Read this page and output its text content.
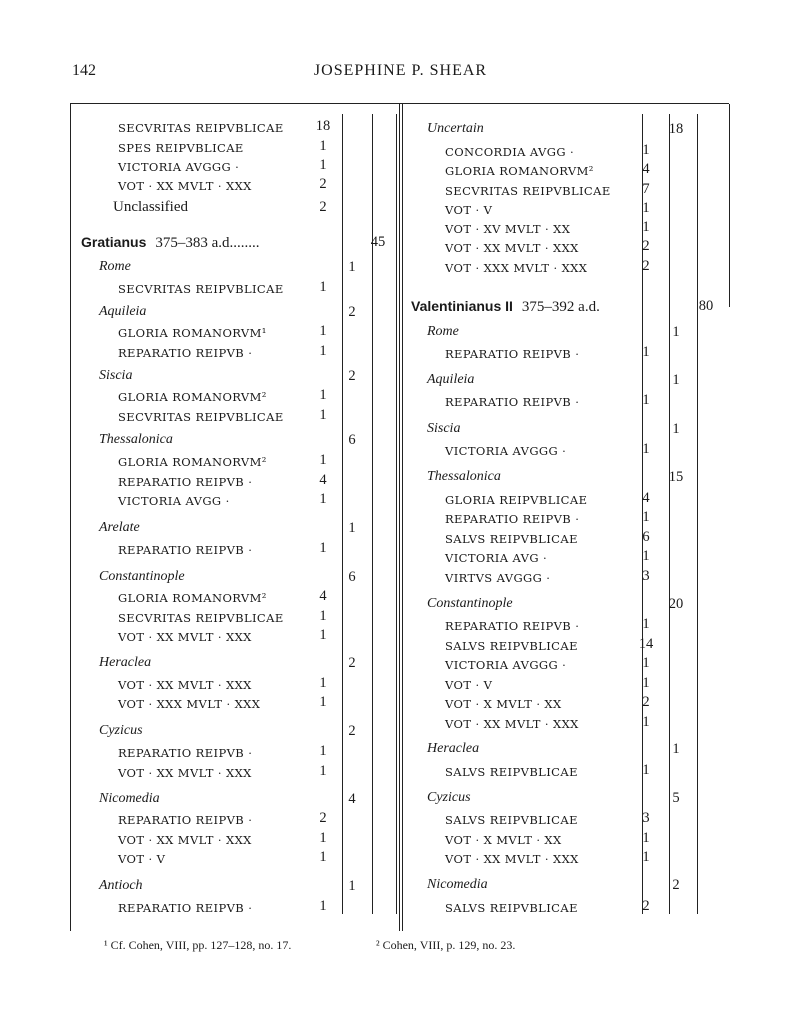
142	JOSEPHINE P. SHEAR
SECVRITAS REIPVBLICAE 18
SPES REIPVBLICAE	1
VICTORIA AVGGG ·	1
VOT · XX MVLT · XXX	2
Unclassified	2
Gratianus 375–383 a.d........	45
Rome	1
SECVRITAS REIPVBLICAE	1
Aquileia	2
GLORIA ROMANORVM¹	1
REPARATIO REIPVB ·	1
Siscia	2
GLORIA ROMANORVM²	1
SECVRITAS REIPVBLICAE	1
Thessalonica	6
GLORIA ROMANORVM²	1
REPARATIO REIPVB ·	4
VICTORIA AVGG ·	1
Arelate	1
REPARATIO REIPVB ·	1
Constantinople	6
GLORIA ROMANORVM²	4
SECVRITAS REIPVBLICAE	1
VOT · XX MVLT · XXX	1
Heraclea	2
VOT · XX MVLT · XXX	1
VOT · XXX MVLT · XXX	1
Cyzicus	2
REPARATIO REIPVB ·	1
VOT · XX MVLT · XXX	1
Nicomedia	4
REPARATIO REIPVB ·	2
VOT · XX MVLT · XXX	1
VOT · V	1
Antioch	1
REPARATIO REIPVB ·	1
Uncertain	18
CONCORDIA AVGG ·	1
GLORIA ROMANORVM²	4
SECVRITAS REIPVBLICAE	7
VOT · V	1
VOT · XV MVLT · XX	1
VOT · XX MVLT · XXX	2
VOT · XXX MVLT · XXX	2
Valentinianus II 375–392 a.d.	80
Rome	1
REPARATIO REIPVB ·	1
Aquileia	1
REPARATIO REIPVB ·	1
Siscia	1
VICTORIA AVGGG ·	1
Thessalonica	15
GLORIA REIPVBLICAE	4
REPARATIO REIPVB ·	1
SALVS REIPVBLICAE	6
VICTORIA AVG ·	1
VIRTVS AVGGG ·	3
Constantinople	20
REPARATIO REIPVB ·	1
SALVS REIPVBLICAE	14
VICTORIA AVGGG ·	1
VOT · V	1
VOT · X MVLT · XX	2
VOT · XX MVLT · XXX	1
Heraclea	1
SALVS REIPVBLICAE	1
Cyzicus	5
SALVS REIPVBLICAE	3
VOT · X MVLT · XX	1
VOT · XX MVLT · XXX	1
Nicomedia	2
SALVS REIPVBLICAE	2
¹ Cf. Cohen, VIII, pp. 127–128, no. 17.	² Cohen, VIII, p. 129, no. 23.
